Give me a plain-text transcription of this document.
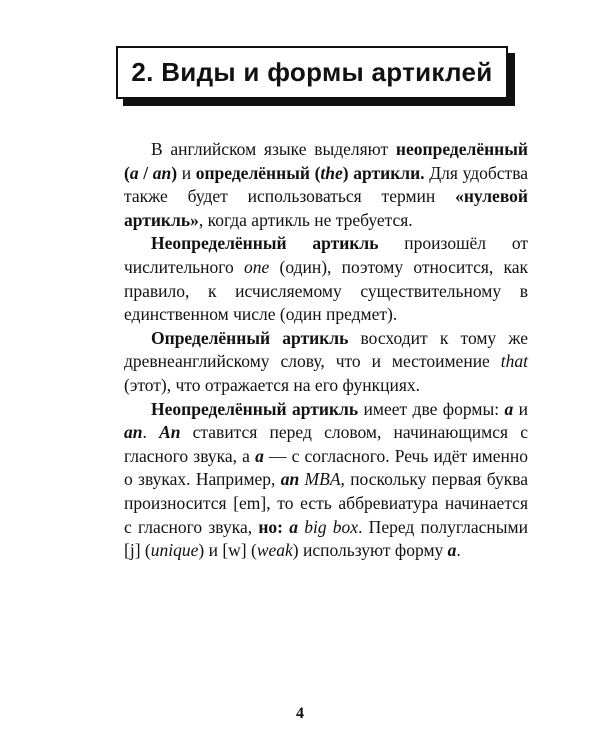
2. Виды и формы артиклей

В английском языке выделяют неопределённый (a / an) и определённый (the) артикли. Для удобства также будет использоваться термин «нулевой артикль», когда артикль не требуется.

Неопределённый артикль произошёл от числительного one (один), поэтому относится, как правило, к исчисляемому существительному в единственном числе (один предмет).

Определённый артикль восходит к тому же древнеанглийскому слову, что и местоимение that (этот), что отражается на его функциях.

Неопределённый артикль имеет две формы: a и an. An ставится перед словом, начинающимся с гласного звука, а a — с согласного. Речь идёт именно о звуках. Например, an MBA, поскольку первая буква произносится [em], то есть аббревиатура начинается с гласного звука, но: a big box. Перед полугласными [j] (unique) и [w] (weak) используют форму a.

4
